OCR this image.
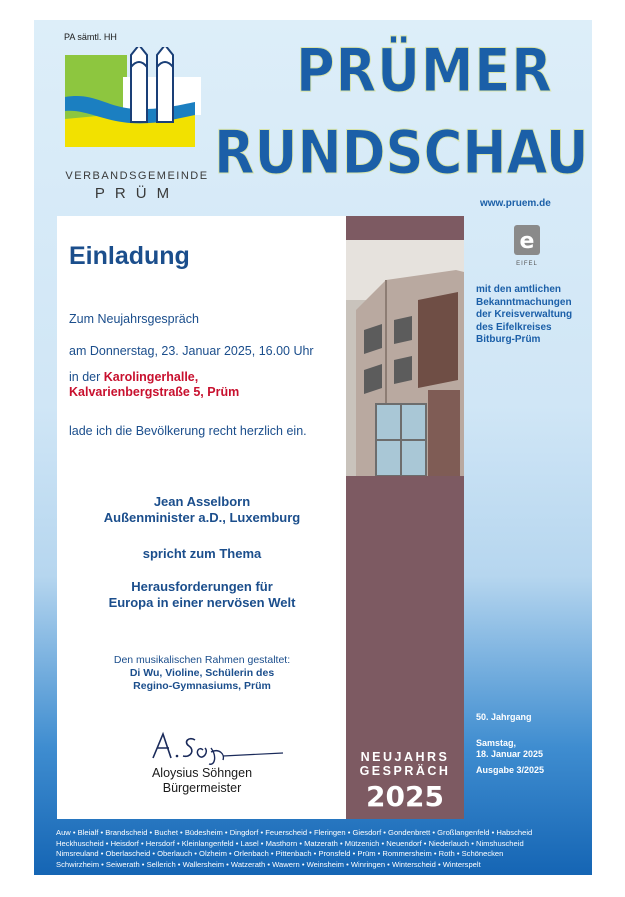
PA sämtl. HH
VERBANDSGEMEINDE
PRÜM
PRÜMER
RUNDSCHAU
www.pruem.de
e
EIFEL
mit den amtlichen
Bekanntmachungen
der Kreisverwaltung
des Eifelkreises
Bitburg-Prüm
Einladung
Zum Neujahrsgespräch
am Donnerstag, 23. Januar 2025, 16.00 Uhr
in der Karolingerhalle,
Kalvarienbergstraße 5, Prüm
lade ich die Bevölkerung recht herzlich ein.
Jean Asselborn
Außenminister a.D., Luxemburg
spricht zum Thema
Herausforderungen für
Europa in einer nervösen Welt
Den musikalischen Rahmen gestaltet:
Di Wu, Violine, Schülerin des
Regino-Gymnasiums, Prüm
Aloysius Söhngen
Bürgermeister
NEUJAHRS
GESPRÄCH
2025
50. Jahrgang
Samstag,
18. Januar 2025
Ausgabe 3/2025
Auw • Bleialf • Brandscheid • Buchet • Büdesheim • Dingdorf • Feuerscheid • Fleringen • Giesdorf • Gondenbrett • Großlangenfeld • Habscheid
Heckhuscheid • Heisdorf • Hersdorf • Kleinlangenfeld • Lasel • Masthorn • Matzerath • Mützenich • Neuendorf • Niederlauch • Nimshuscheid
Nimsreuland • Oberlascheid • Oberlauch • Olzheim • Orlenbach • Pittenbach • Pronsfeld • Prüm • Rommersheim • Roth • Schönecken
Schwirzheim • Seiwerath • Sellerich • Wallersheim • Watzerath • Wawern • Weinsheim • Winringen • Winterscheid • Winterspelt
